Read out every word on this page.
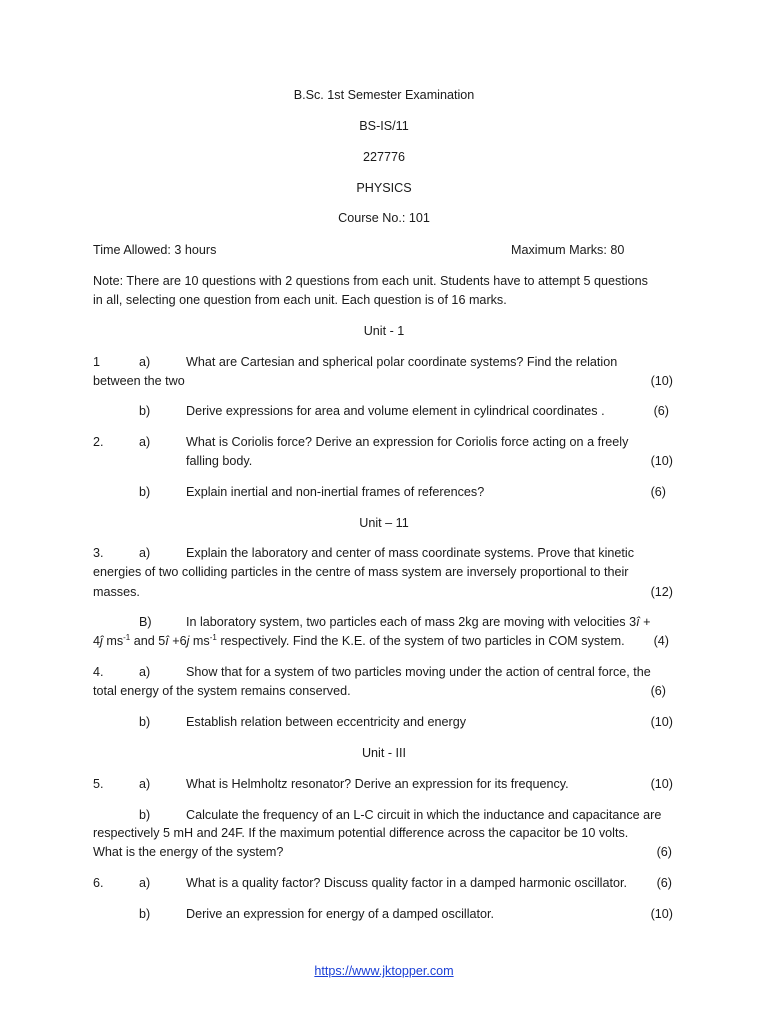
B.Sc. 1st Semester Examination
BS-IS/11
227776
PHYSICS
Course No.: 101
Time Allowed: 3 hours	Maximum Marks: 80
Note: There are 10 questions with 2 questions from each unit. Students have to attempt 5 questions
in all, selecting one question from each unit. Each question is of 16 marks.
Unit - 1
1	a)	What are Cartesian and spherical polar coordinate systems? Find the relation
between the two	(10)
b)	Derive expressions for area and volume element in cylindrical coordinates .	(6)
2.	a)	What is Coriolis force? Derive an expression for Coriolis force acting on a freely
falling body.	(10)
b)	Explain inertial and non-inertial frames of references?	(6)
Unit – 11
3.	a)	Explain the laboratory and center of mass coordinate systems. Prove that kinetic
energies of two colliding particles in the centre of mass system are inversely proportional to their
masses.	(12)
B)	In laboratory system, two particles each of mass 2kg are moving with velocities 3î +
4ĵ $ms^{-1}$ and 5î +6j $ms^{-1}$ respectively. Find the K.E. of the system of two particles in COM system. (4)
4.	a)	Show that for a system of two particles moving under the action of central force, the
total energy of the system remains conserved.	(6)
b)	Establish relation between eccentricity and energy	(10)
Unit - III
5.	a)	What is Helmholtz resonator? Derive an expression for its frequency.	(10)
b)	Calculate the frequency of an L-C circuit in which the inductance and capacitance are
respectively 5 mH and 24F. If the maximum potential difference across the capacitor be 10 volts.
What is the energy of the system?	(6)
6.	a)	What is a quality factor? Discuss quality factor in a damped harmonic oscillator. (6)
b)	Derive an expression for energy of a damped oscillator.	(10)
https://www.jktopper.com
